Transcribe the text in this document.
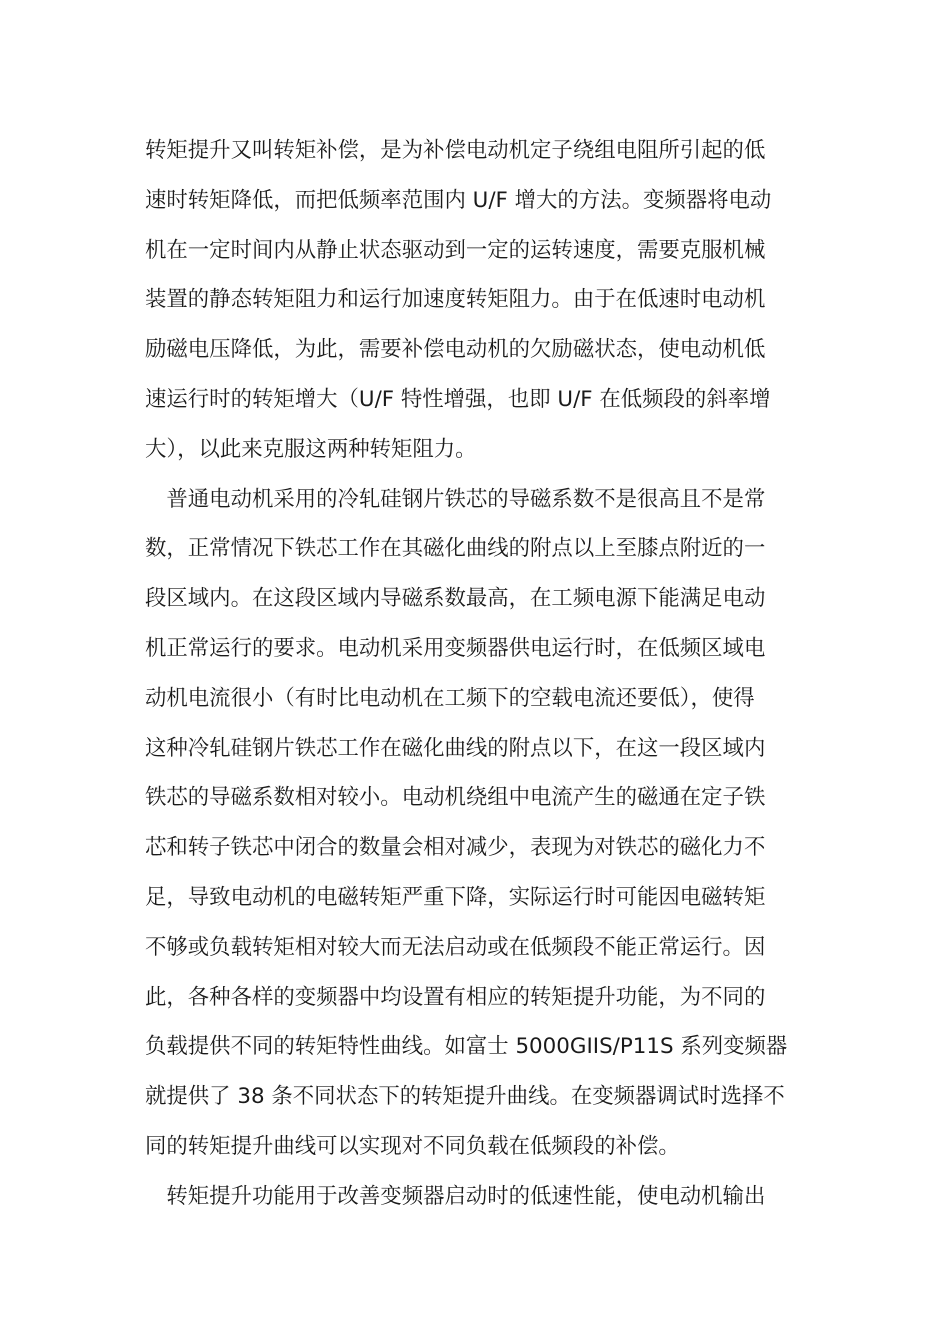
转矩提升又叫转矩补偿，是为补偿电动机定子绕组电阻所引起的低
速时转矩降低，而把低频率范围内 U/F 增大的方法。变频器将电动
机在一定时间内从静止状态驱动到一定的运转速度，需要克服机械
装置的静态转矩阻力和运行加速度转矩阻力。由于在低速时电动机
励磁电压降低，为此，需要补偿电动机的欠励磁状态，使电动机低
速运行时的转矩增大（U/F 特性增强，也即 U/F 在低频段的斜率增
大），以此来克服这两种转矩阻力。
　普通电动机采用的冷轧硅钢片铁芯的导磁系数不是很高且不是常
数，正常情况下铁芯工作在其磁化曲线的附点以上至膝点附近的一
段区域内。在这段区域内导磁系数最高，在工频电源下能满足电动
机正常运行的要求。电动机采用变频器供电运行时，在低频区域电
动机电流很小（有时比电动机在工频下的空载电流还要低），使得
这种冷轧硅钢片铁芯工作在磁化曲线的附点以下，在这一段区域内
铁芯的导磁系数相对较小。电动机绕组中电流产生的磁通在定子铁
芯和转子铁芯中闭合的数量会相对减少，表现为对铁芯的磁化力不
足，导致电动机的电磁转矩严重下降，实际运行时可能因电磁转矩
不够或负载转矩相对较大而无法启动或在低频段不能正常运行。因
此，各种各样的变频器中均设置有相应的转矩提升功能，为不同的
负载提供不同的转矩特性曲线。如富士 5000GIIS/P11S 系列变频器
就提供了 38 条不同状态下的转矩提升曲线。在变频器调试时选择不
同的转矩提升曲线可以实现对不同负载在低频段的补偿。
　转矩提升功能用于改善变频器启动时的低速性能，使电动机输出
